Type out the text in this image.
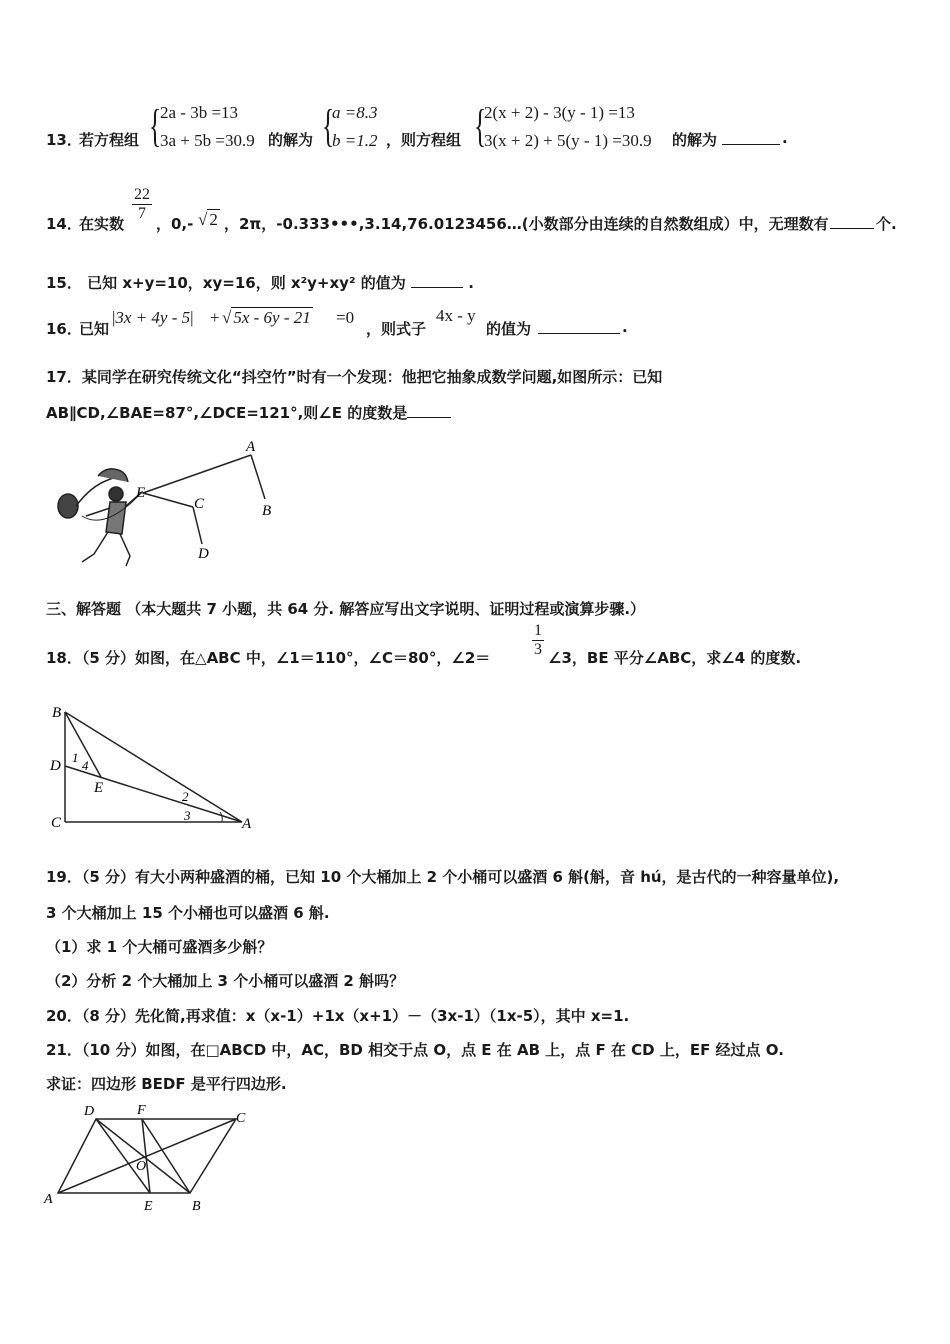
13．
若方程组 {
2a - 3b =13
3a + 5b =30.9 的解为 {
a =8.3
b =1.2 ，则方程组 {
2(x + 2) - 3(y - 1) =13
3(x + 2) + 5(y - 1) =30.9 的解为	.
14．
在实数
$\frac{22}{7}$
，0,- √ 2 ，2π，-0.333•••,3.14,76.0123456…(小数部分由连续的自然数组成）中，无理数有	个.
15． 已知 x+y=10，xy=16，则 x²y+xy² 的值为	.
16．
已知
|3x + 4y - 5| + √ 5x - 6y - 21 =0
，则式子
4x - y
的值为	.
17．某同学在研究传统文化“抖空竹”时有一个发现：他把它抽象成数学问题,如图所示：已知
AB∥CD,∠BAE=87°,∠DCE=121°,则∠E 的度数是
A
B
C
D
E
三、解答题 （本大题共 7 小题，共 64 分. 解答应写出文字说明、证明过程或演算步骤.）
18．（5 分）如图，在△ABC 中，∠1＝110°，∠C＝80°，∠2＝	$\frac{1}{3}$ ∠3，BE 平分∠ABC，求∠4 的度数.
B
D
C
E
A
1
4
2
3
19．（5 分）有大小两种盛酒的桶，已知 10 个大桶加上 2 个小桶可以盛酒 6 斛(斛，音 hú，是古代的一种容量单位),
3 个大桶加上 15 个小桶也可以盛酒 6 斛.
（1）求 1 个大桶可盛酒多少斛？
（2）分析 2 个大桶加上 3 个小桶可以盛酒 2 斛吗？
20．（8 分）先化简,再求值：x（x-1）+1x（x+1）－（3x-1）（1x-5），其中 x=1.
21．（10 分）如图，在□ABCD 中，AC，BD 相交于点 O，点 E 在 AB 上，点 F 在 CD 上，EF 经过点 O.
求证：四边形 BEDF 是平行四边形.
D	F
C
O
A	E	B
